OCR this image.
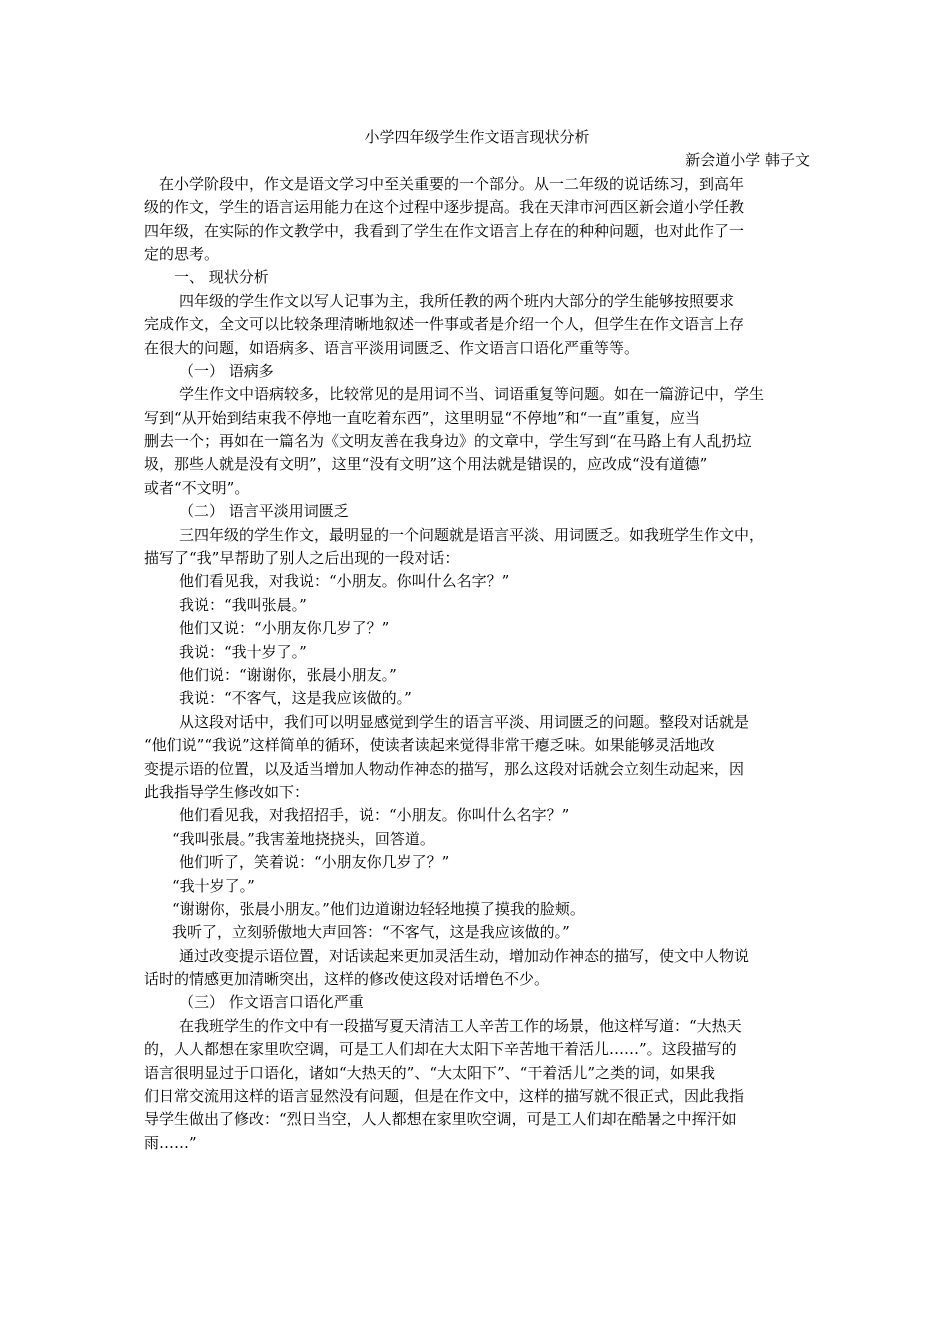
小学四年级学生作文语言现状分析
新会道小学 韩子文
在小学阶段中，作文是语文学习中至关重要的一个部分。从一二年级的说话练习，到高年
级的作文，学生的语言运用能力在这个过程中逐步提高。我在天津市河西区新会道小学任教
四年级，在实际的作文教学中，我看到了学生在作文语言上存在的种种问题，也对此作了一
定的思考。
一、 现状分析
四年级的学生作文以写人记事为主，我所任教的两个班内大部分的学生能够按照要求
完成作文，全文可以比较条理清晰地叙述一件事或者是介绍一个人，但学生在作文语言上存
在很大的问题，如语病多、语言平淡用词匮乏、作文语言口语化严重等等。
（一） 语病多
学生作文中语病较多，比较常见的是用词不当、词语重复等问题。如在一篇游记中，学生
写到“从开始到结束我不停地一直吃着东西”，这里明显“不停地”和“一直”重复，应当
删去一个；再如在一篇名为《文明友善在我身边》的文章中，学生写到“在马路上有人乱扔垃
圾，那些人就是没有文明”，这里“没有文明”这个用法就是错误的，应改成“没有道德”
或者“不文明”。
（二） 语言平淡用词匮乏
三四年级的学生作文，最明显的一个问题就是语言平淡、用词匮乏。如我班学生作文中，
描写了“我”早帮助了别人之后出现的一段对话：
他们看见我，对我说：“小朋友。你叫什么名字？”
我说：“我叫张晨。”
他们又说：“小朋友你几岁了？”
我说：“我十岁了。”
他们说：“谢谢你，张晨小朋友。”
我说：“不客气，这是我应该做的。”
从这段对话中，我们可以明显感觉到学生的语言平淡、用词匮乏的问题。整段对话就是
“他们说”“我说”这样简单的循环，使读者读起来觉得非常干瘪乏味。如果能够灵活地改
变提示语的位置，以及适当增加人物动作神态的描写，那么这段对话就会立刻生动起来，因
此我指导学生修改如下：
他们看见我，对我招招手，说：“小朋友。你叫什么名字？”
“我叫张晨。”我害羞地挠挠头，回答道。
他们听了，笑着说：“小朋友你几岁了？”
“我十岁了。”
“谢谢你，张晨小朋友。”他们边道谢边轻轻地摸了摸我的脸颊。
我听了，立刻骄傲地大声回答：“不客气，这是我应该做的。”
通过改变提示语位置，对话读起来更加灵活生动，增加动作神态的描写，使文中人物说
话时的情感更加清晰突出，这样的修改使这段对话增色不少。
（三） 作文语言口语化严重
在我班学生的作文中有一段描写夏天清洁工人辛苦工作的场景，他这样写道：“大热天
的，人人都想在家里吹空调，可是工人们却在大太阳下辛苦地干着活儿……”。这段描写的
语言很明显过于口语化，诸如“大热天的”、“大太阳下”、“干着活儿”之类的词，如果我
们日常交流用这样的语言显然没有问题，但是在作文中，这样的描写就不很正式，因此我指
导学生做出了修改：“烈日当空，人人都想在家里吹空调，可是工人们却在酷暑之中挥汗如
雨……”
